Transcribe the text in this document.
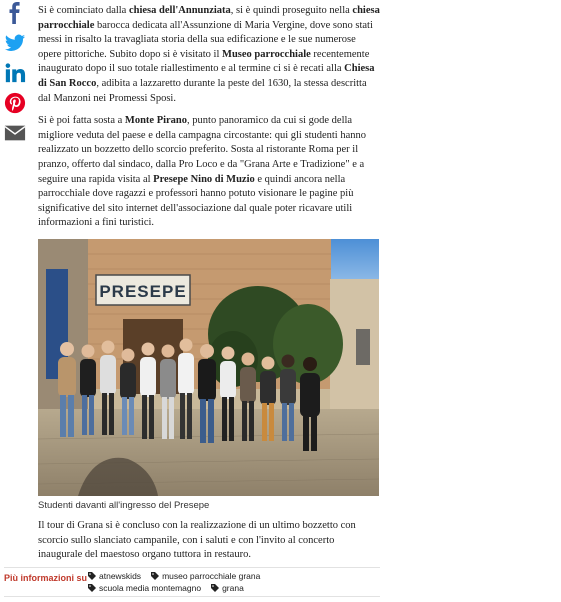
Si è cominciato dalla chiesa dell'Annunziata, si è quindi proseguito nella chiesa parrocchiale barocca dedicata all'Assunzione di Maria Vergine, dove sono stati messi in risalto la travagliata storia della sua edificazione e le sue numerose opere pittoriche. Subito dopo si è visitato il Museo parrocchiale recentemente inaugurato dopo il suo totale riallestimento e al termine ci si è recati alla Chiesa di San Rocco, adibita a lazzaretto durante la peste del 1630, la stessa descritta dal Manzoni nei Promessi Sposi.

Si è poi fatta sosta a Monte Pirano, punto panoramico da cui si gode della migliore veduta del paese e della campagna circostante: qui gli studenti hanno realizzato un bozzetto dello scorcio preferito. Sosta al ristorante Roma per il pranzo, offerto dal sindaco, dalla Pro Loco e da "Grana Arte e Tradizione" e a seguire una rapida visita al Presepe Nino di Muzio e quindi ancora nella parrocchiale dove ragazzi e professori hanno potuto visionare le pagine più significative del sito internet dell'associazione dal quale poter ricavare utili informazioni a fini turistici.

PRESEPE
Studenti davanti all'ingresso del Presepe

Il tour di Grana si è concluso con la realizzazione di un ultimo bozzetto con scorcio sullo slanciato campanile, con i saluti e con l'invito al concerto inaugurale del maestoso organo tuttora in restauro.

Più informazioni su atnewskids museo parrocchiale grana
scuola media montemagno grana
